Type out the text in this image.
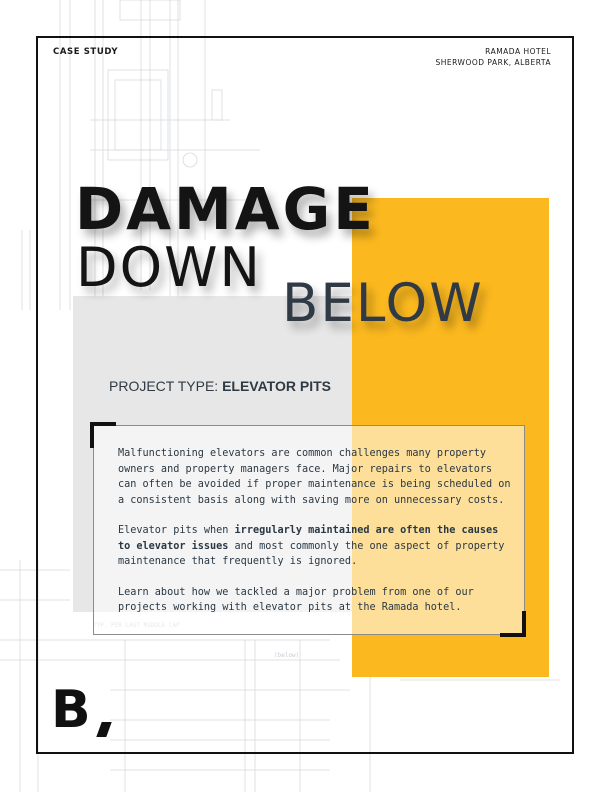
(below)
CASE STUDY	RAMADA HOTEL
SHERWOOD PARK, ALBERTA
DAMAGE
DOWN
BELOW
PROJECT TYPE: ELEVATOR PITS

Malfunctioning elevators are common challenges many property owners and property managers face. Major repairs to elevators can often be avoided if proper maintenance is being scheduled on a consistent basis along with saving more on unnecessary costs.

Elevator pits when irregularly maintained are often the causes to elevator issues and most commonly the one aspect of property maintenance that frequently is ignored.

Learn about how we tackled a major problem from one of our projects working with elevator pits at the Ramada hotel.

B
